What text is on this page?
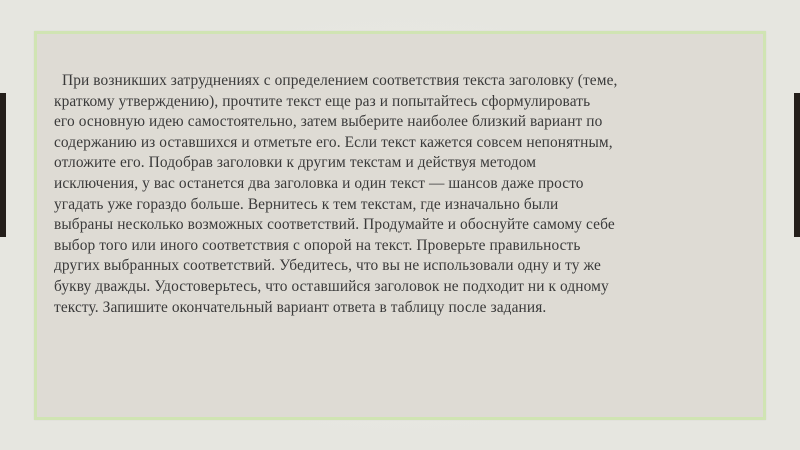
При возникших затруднениях с определением соответствия текста заголовку (теме,
краткому утверждению), прочтите текст еще раз и попытайтесь сформулировать
его основную идею самостоятельно, затем выберите наиболее близкий вариант по
содержанию из оставшихся и отметьте его. Если текст кажется совсем непонятным,
отложите его. Подобрав заголовки к другим текстам и действуя методом
исключения, у вас останется два заголовка и один текст — шансов даже просто
угадать уже гораздо больше. Вернитесь к тем текстам, где изначально были
выбраны несколько возможных соответствий. Продумайте и обоснуйте самому себе
выбор того или иного соответствия с опорой на текст. Проверьте правильность
других выбранных соответствий. Убедитесь, что вы не использовали одну и ту же
букву дважды. Удостоверьтесь, что оставшийся заголовок не подходит ни к одному
тексту. Запишите окончательный вариант ответа в таблицу после задания.
